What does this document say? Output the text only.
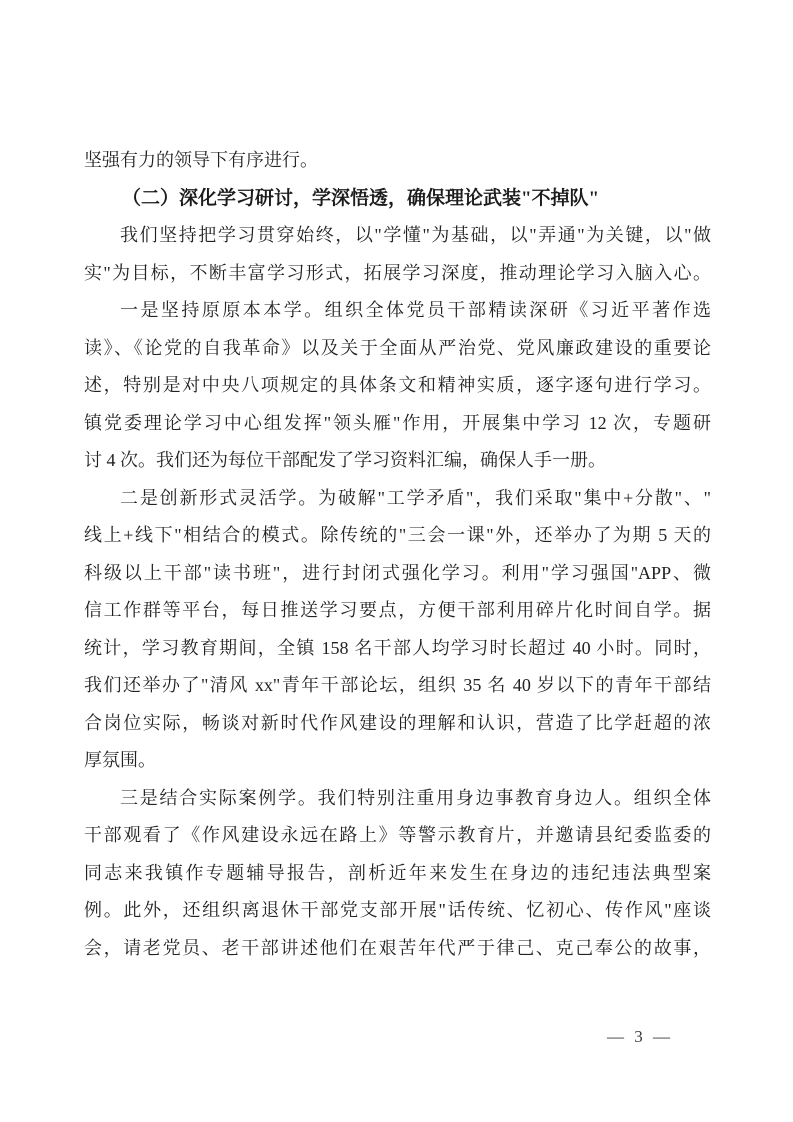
坚强有力的领导下有序进行。
（二）深化学习研讨，学深悟透，确保理论武装"不掉队"
我们坚持把学习贯穿始终，以"学懂"为基础，以"弄通"为关键，以"做
实"为目标，不断丰富学习形式，拓展学习深度，推动理论学习入脑入心。
一是坚持原原本本学。组织全体党员干部精读深研《习近平著作选
读》、《论党的自我革命》以及关于全面从严治党、党风廉政建设的重要论
述，特别是对中央八项规定的具体条文和精神实质，逐字逐句进行学习。
镇党委理论学习中心组发挥"领头雁"作用，开展集中学习 12 次，专题研
讨 4 次。我们还为每位干部配发了学习资料汇编，确保人手一册。
二是创新形式灵活学。为破解"工学矛盾"，我们采取"集中+分散"、"
线上+线下"相结合的模式。除传统的"三会一课"外，还举办了为期 5 天的
科级以上干部"读书班"，进行封闭式强化学习。利用"学习强国"APP、微
信工作群等平台，每日推送学习要点，方便干部利用碎片化时间自学。据
统计，学习教育期间，全镇 158 名干部人均学习时长超过 40 小时。同时，
我们还举办了"清风 xx"青年干部论坛，组织 35 名 40 岁以下的青年干部结
合岗位实际，畅谈对新时代作风建设的理解和认识，营造了比学赶超的浓
厚氛围。
三是结合实际案例学。我们特别注重用身边事教育身边人。组织全体
干部观看了《作风建设永远在路上》等警示教育片，并邀请县纪委监委的
同志来我镇作专题辅导报告，剖析近年来发生在身边的违纪违法典型案
例。此外，还组织离退休干部党支部开展"话传统、忆初心、传作风"座谈
会，请老党员、老干部讲述他们在艰苦年代严于律己、克己奉公的故事，
— 3 —
